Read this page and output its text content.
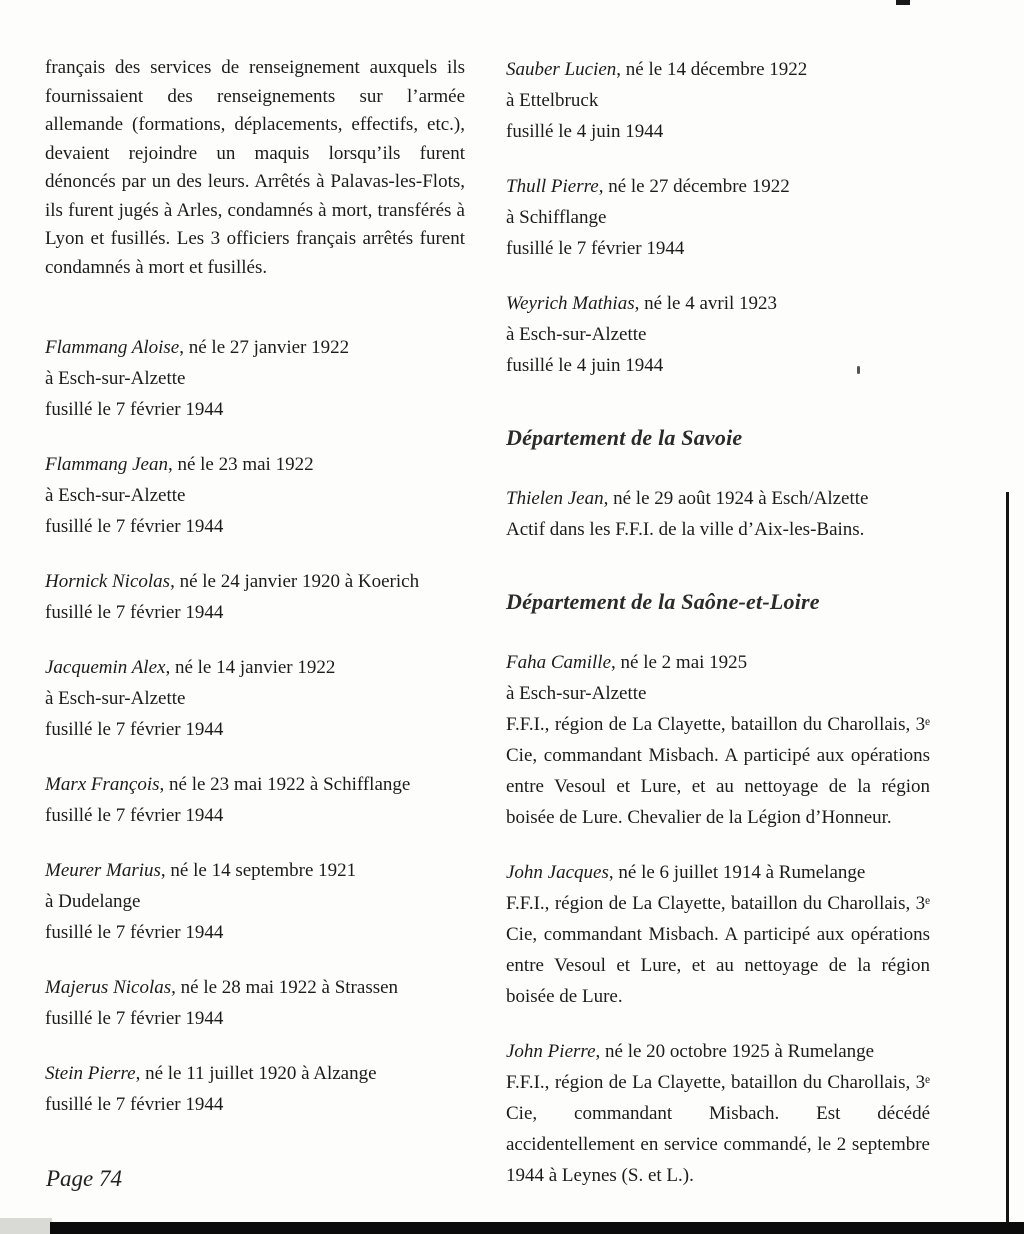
français des services de renseignement auxquels ils fournissaient des renseignements sur l’armée allemande (formations, déplacements, effectifs, etc.), devaient rejoindre un maquis lorsqu’ils furent dénoncés par un des leurs. Arrêtés à Palavas-les-Flots, ils furent jugés à Arles, condamnés à mort, transférés à Lyon et fusillés. Les 3 officiers français arrêtés furent condamnés à mort et fusillés.

Flammang Aloise, né le 27 janvier 1922

à Esch-sur-Alzette

fusillé le 7 février 1944

Flammang Jean, né le 23 mai 1922

à Esch-sur-Alzette

fusillé le 7 février 1944

Hornick Nicolas, né le 24 janvier 1920 à Koerich

fusillé le 7 février 1944

Jacquemin Alex, né le 14 janvier 1922

à Esch-sur-Alzette

fusillé le 7 février 1944

Marx François, né le 23 mai 1922 à Schifflange

fusillé le 7 février 1944

Meurer Marius, né le 14 septembre 1921

à Dudelange

fusillé le 7 février 1944

Majerus Nicolas, né le 28 mai 1922 à Strassen

fusillé le 7 février 1944

Stein Pierre, né le 11 juillet 1920 à Alzange

fusillé le 7 février 1944

Sauber Lucien, né le 14 décembre 1922

à Ettelbruck

fusillé le 4 juin 1944

Thull Pierre, né le 27 décembre 1922

à Schifflange

fusillé le 7 février 1944

Weyrich Mathias, né le 4 avril 1923

à Esch-sur-Alzette

fusillé le 4 juin 1944

Département de la Savoie

Thielen Jean, né le 29 août 1924 à Esch/Alzette

Actif dans les F.F.I. de la ville d’Aix-les-Bains.

Département de la Saône-et-Loire

Faha Camille, né le 2 mai 1925

à Esch-sur-Alzette

F.F.I., région de La Clayette, bataillon du Charollais, 3ᵉ Cie, commandant Misbach. A participé aux opérations entre Vesoul et Lure, et au nettoyage de la région boisée de Lure. Chevalier de la Légion d’Honneur.

John Jacques, né le 6 juillet 1914 à Rumelange

F.F.I., région de La Clayette, bataillon du Charollais, 3ᵉ Cie, commandant Misbach. A participé aux opérations entre Vesoul et Lure, et au nettoyage de la région boisée de Lure.

John Pierre, né le 20 octobre 1925 à Rumelange

F.F.I., région de La Clayette, bataillon du Charollais, 3ᵉ Cie, commandant Misbach. Est décédé accidentellement en service commandé, le 2 septembre 1944 à Leynes (S. et L.).

Page 74
